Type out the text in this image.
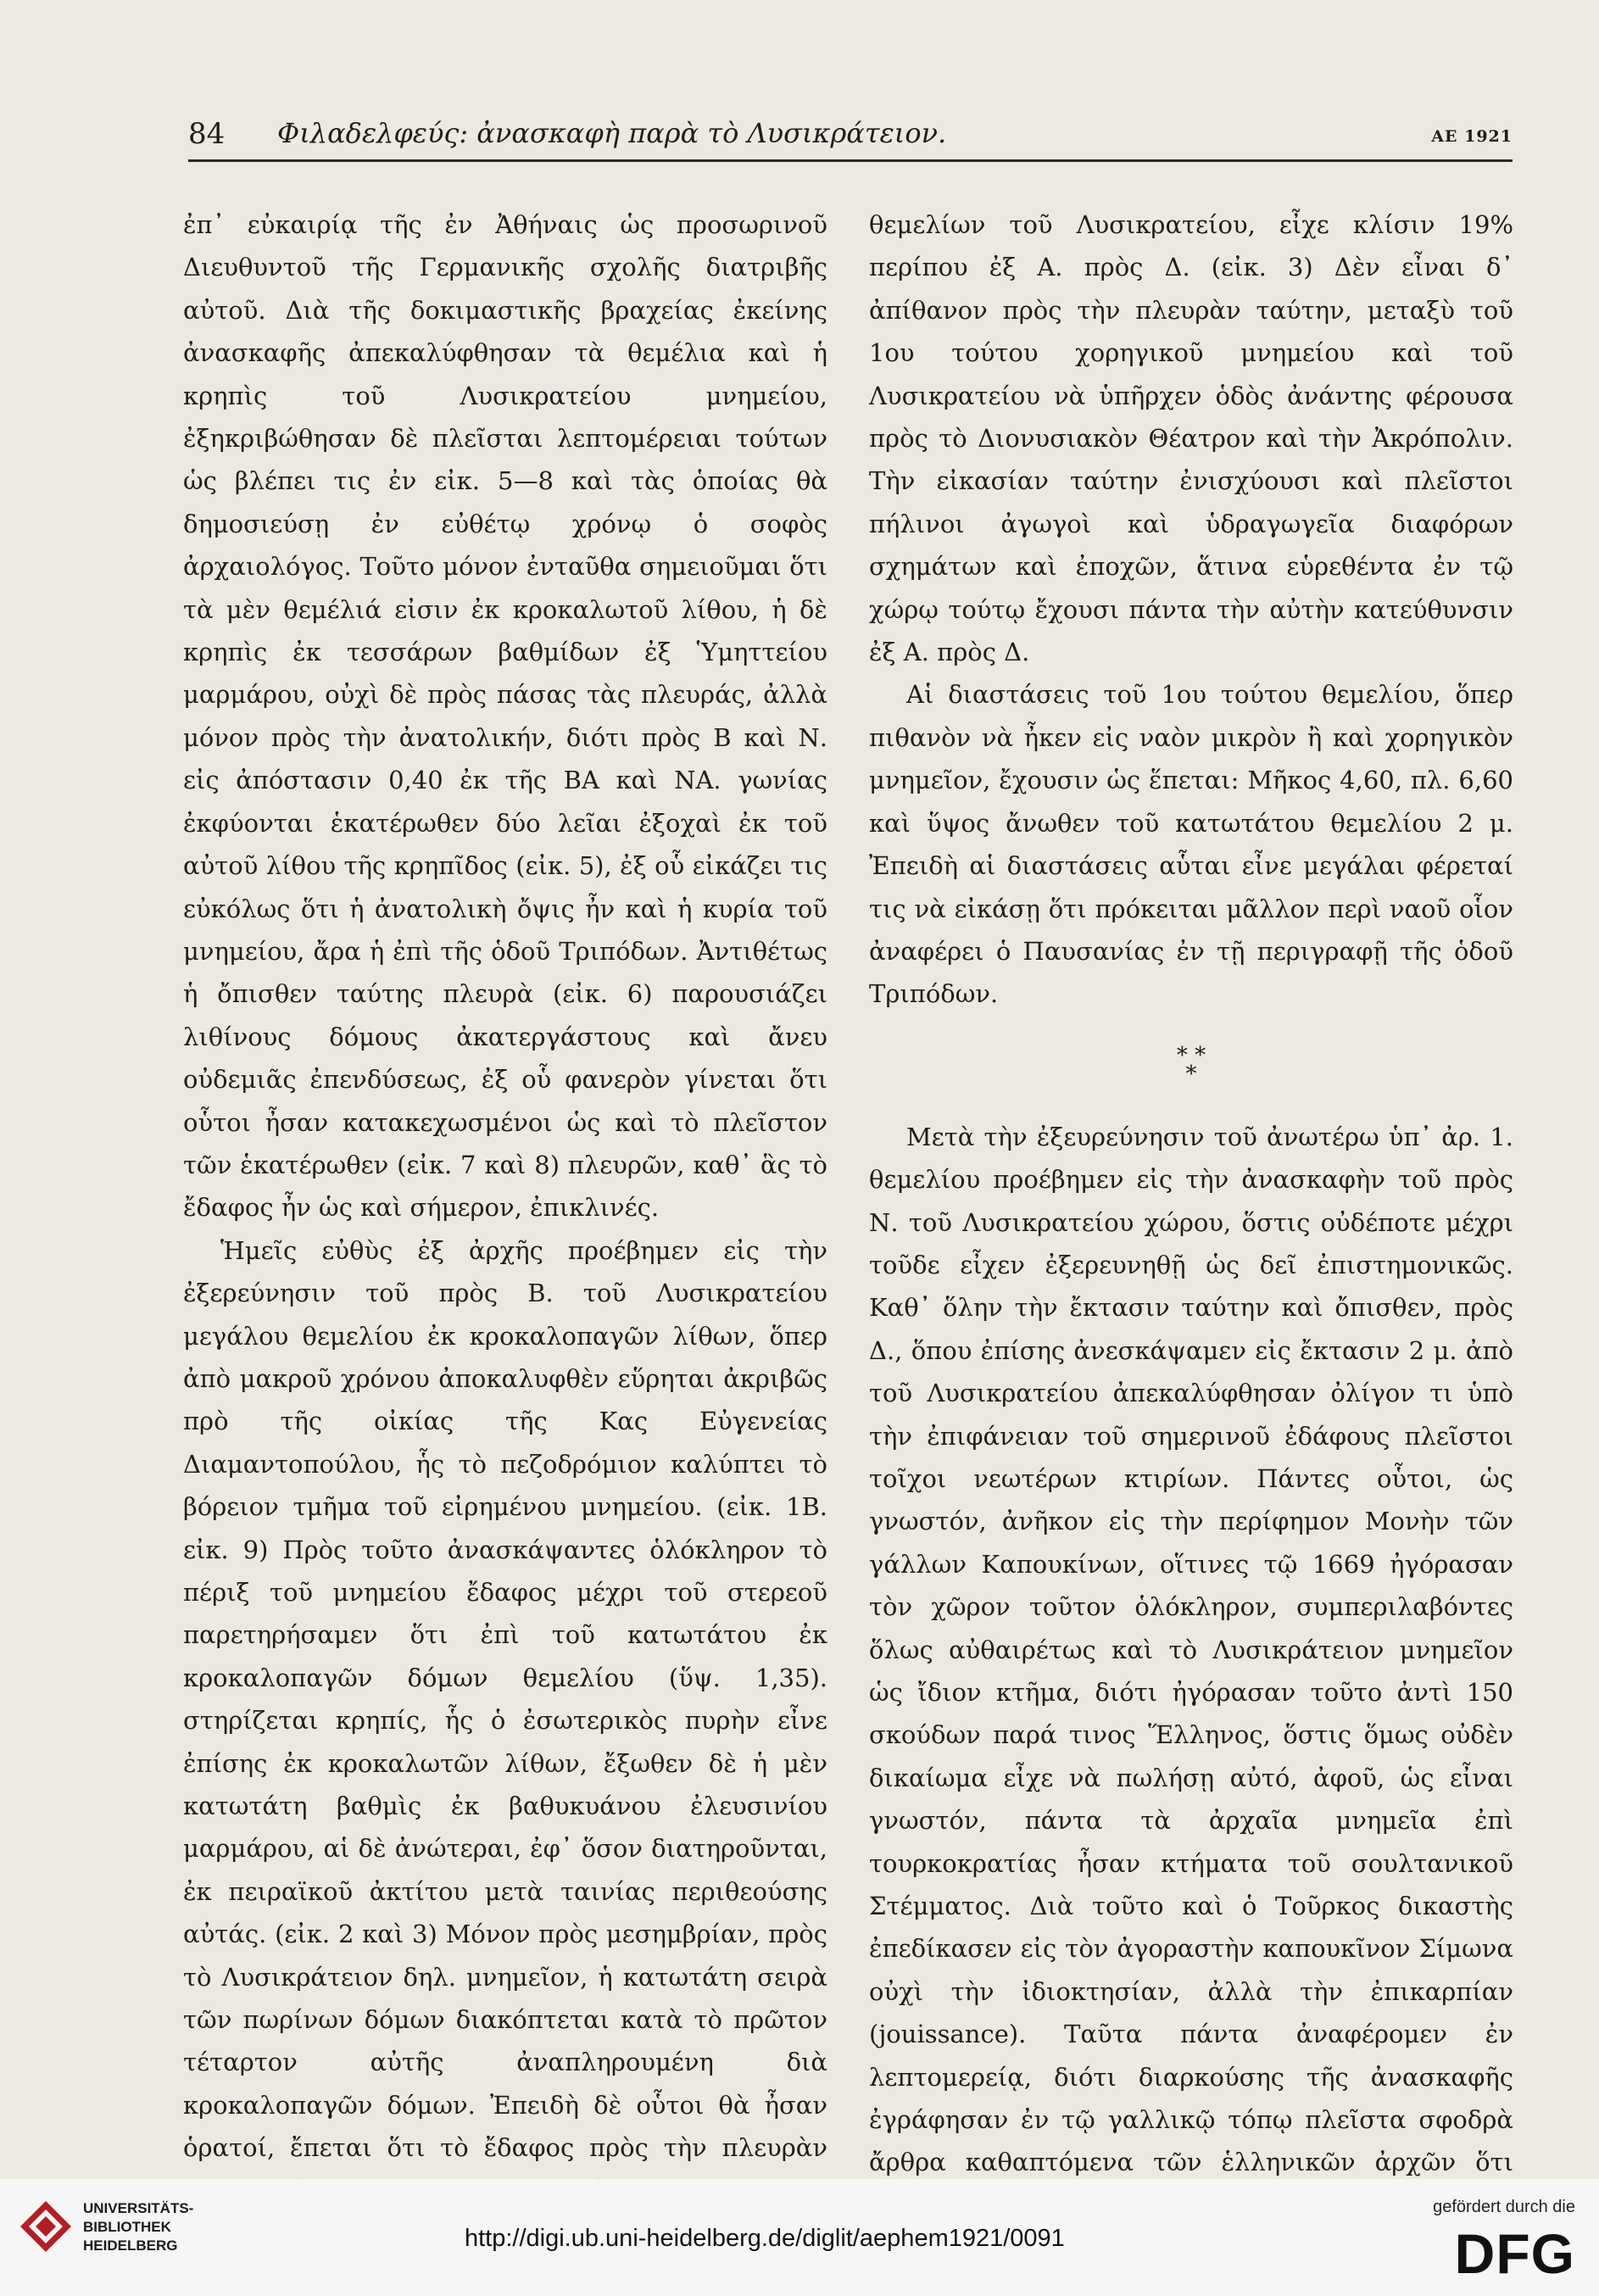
84 Φιλαδελφεύς: ἀνασκαφὴ παρὰ τὸ Λυσικράτειον.	ΑΕ 1921

ἐπ᾽ εὐκαιρίᾳ τῆς ἐν Ἀθήναις ὡς προσωρινοῦ Διευθυντοῦ τῆς Γερμανικῆς σχολῆς διατριβῆς αὐτοῦ. Διὰ τῆς δοκιμαστικῆς βραχείας ἐκείνης ἀνασκαφῆς ἀπεκαλύφθησαν τὰ θεμέλια καὶ ἡ κρηπὶς τοῦ Λυσικρατείου μνημείου, ἐξηκριβώθησαν δὲ πλεῖσται λεπτομέρειαι τούτων ὡς βλέπει τις ἐν εἰκ. 5—8 καὶ τὰς ὁποίας θὰ δημοσιεύσῃ ἐν εὐθέτῳ χρόνῳ ὁ σοφὸς ἀρχαιολόγος. Τοῦτο μόνον ἐνταῦθα σημειοῦμαι ὅτι τὰ μὲν θεμέλιά εἰσιν ἐκ κροκαλωτοῦ λίθου, ἡ δὲ κρηπὶς ἐκ τεσσάρων βαθμίδων ἐξ Ὑμηττείου μαρμάρου, οὐχὶ δὲ πρὸς πάσας τὰς πλευράς, ἀλλὰ μόνον πρὸς τὴν ἀνατολικήν, διότι πρὸς Β καὶ Ν. εἰς ἀπόστασιν 0,40 ἐκ τῆς ΒΑ καὶ ΝΑ. γωνίας ἐκφύονται ἑκατέρωθεν δύο λεῖαι ἐξοχαὶ ἐκ τοῦ αὐτοῦ λίθου τῆς κρηπῖδος (εἰκ. 5), ἐξ οὗ εἰκάζει τις εὐκόλως ὅτι ἡ ἀνατολικὴ ὄψις ἦν καὶ ἡ κυρία τοῦ μνημείου, ἄρα ἡ ἐπὶ τῆς ὁδοῦ Τριπόδων. Ἀντιθέτως ἡ ὄπισθεν ταύτης πλευρὰ (εἰκ. 6) παρουσιάζει λιθίνους δόμους ἀκατεργάστους καὶ ἄνευ οὐδεμιᾶς ἐπενδύσεως, ἐξ οὗ φανερὸν γίνεται ὅτι οὗτοι ἦσαν κατακεχωσμένοι ὡς καὶ τὸ πλεῖστον τῶν ἑκατέρωθεν (εἰκ. 7 καὶ 8) πλευρῶν, καθ᾽ ἃς τὸ ἔδαφος ἦν ὡς καὶ σήμερον, ἐπικλινές.

Ἡμεῖς εὐθὺς ἐξ ἀρχῆς προέβημεν εἰς τὴν ἐξερεύνησιν τοῦ πρὸς Β. τοῦ Λυσικρατείου μεγάλου θεμελίου ἐκ κροκαλοπαγῶν λίθων, ὅπερ ἀπὸ μακροῦ χρόνου ἀποκαλυφθὲν εὕρηται ἀκριβῶς πρὸ τῆς οἰκίας τῆς Κας Εὐγενείας Διαμαντοπούλου, ἧς τὸ πεζοδρόμιον καλύπτει τὸ βόρειον τμῆμα τοῦ εἰρημένου μνημείου. (εἰκ. 1Β. εἰκ. 9) Πρὸς τοῦτο ἀνασκάψαντες ὁλόκληρον τὸ πέριξ τοῦ μνημείου ἔδαφος μέχρι τοῦ στερεοῦ παρετηρήσαμεν ὅτι ἐπὶ τοῦ κατωτάτου ἐκ κροκαλοπαγῶν δόμων θεμελίου (ὕψ. 1,35). στηρίζεται κρηπίς, ἧς ὁ ἐσωτερικὸς πυρὴν εἶνε ἐπίσης ἐκ κροκαλωτῶν λίθων, ἔξωθεν δὲ ἡ μὲν κατωτάτη βαθμὶς ἐκ βαθυκυάνου ἐλευσινίου μαρμάρου, αἱ δὲ ἀνώτεραι, ἐφ᾽ ὅσον διατηροῦνται, ἐκ πειραϊκοῦ ἀκτίτου μετὰ ταινίας περιθεούσης αὐτάς. (εἰκ. 2 καὶ 3) Μόνον πρὸς μεσημβρίαν, πρὸς τὸ Λυσικράτειον δηλ. μνημεῖον, ἡ κατωτάτη σειρὰ τῶν πωρίνων δόμων διακόπτεται κατὰ τὸ πρῶτον τέταρτον αὐτῆς ἀναπληρουμένη διὰ κροκαλοπαγῶν δόμων. Ἐπειδὴ δὲ οὗτοι θὰ ἦσαν ὁρατοί, ἔπεται ὅτι τὸ ἔδαφος πρὸς τὴν πλευρὰν

θεμελίων τοῦ Λυσικρατείου, εἶχε κλίσιν 19% περίπου ἐξ Α. πρὸς Δ. (εἰκ. 3) Δὲν εἶναι δ᾽ ἀπίθανον πρὸς τὴν πλευρὰν ταύτην, μεταξὺ τοῦ 1ου τούτου χορηγικοῦ μνημείου καὶ τοῦ Λυσικρατείου νὰ ὑπῆρχεν ὁδὸς ἀνάντης φέρουσα πρὸς τὸ Διονυσιακὸν Θέατρον καὶ τὴν Ἀκρόπολιν. Τὴν εἰκασίαν ταύτην ἐνισχύουσι καὶ πλεῖστοι πήλινοι ἀγωγοὶ καὶ ὑδραγωγεῖα διαφόρων σχημάτων καὶ ἐποχῶν, ἅτινα εὑρεθέντα ἐν τῷ χώρῳ τούτῳ ἔχουσι πάντα τὴν αὐτὴν κατεύθυνσιν ἐξ Α. πρὸς Δ.

Αἱ διαστάσεις τοῦ 1ου τούτου θεμελίου, ὅπερ πιθανὸν νὰ ἦκεν εἰς ναὸν μικρὸν ἢ καὶ χορηγικὸν μνημεῖον, ἔχουσιν ὡς ἕπεται: Μῆκος 4,60, πλ. 6,60 καὶ ὕψος ἄνωθεν τοῦ κατωτάτου θεμελίου 2 μ. Ἐπειδὴ αἱ διαστάσεις αὗται εἶνε μεγάλαι φέρεταί τις νὰ εἰκάσῃ ὅτι πρόκειται μᾶλλον περὶ ναοῦ οἷον ἀναφέρει ὁ Παυσανίας ἐν τῇ περιγραφῇ τῆς ὁδοῦ Τριπόδων.

* *
*

Μετὰ τὴν ἐξευρεύνησιν τοῦ ἀνωτέρω ὑπ᾽ ἀρ. 1. θεμελίου προέβημεν εἰς τὴν ἀνασκαφὴν τοῦ πρὸς Ν. τοῦ Λυσικρατείου χώρου, ὅστις οὐδέποτε μέχρι τοῦδε εἶχεν ἐξερευνηθῇ ὡς δεῖ ἐπιστημονικῶς. Καθ᾽ ὅλην τὴν ἔκτασιν ταύτην καὶ ὄπισθεν, πρὸς Δ., ὅπου ἐπίσης ἀνεσκάψαμεν εἰς ἔκτασιν 2 μ. ἀπὸ τοῦ Λυσικρατείου ἀπεκαλύφθησαν ὀλίγον τι ὑπὸ τὴν ἐπιφάνειαν τοῦ σημερινοῦ ἐδάφους πλεῖστοι τοῖχοι νεωτέρων κτιρίων. Πάντες οὗτοι, ὡς γνωστόν, ἀνῆκον εἰς τὴν περίφημον Μονὴν τῶν γάλλων Καπουκίνων, οἵτινες τῷ 1669 ἠγόρασαν τὸν χῶρον τοῦτον ὁλόκληρον, συμπεριλαβόντες ὅλως αὐθαιρέτως καὶ τὸ Λυσικράτειον μνημεῖον ὡς ἴδιον κτῆμα, διότι ἠγόρασαν τοῦτο ἀντὶ 150 σκούδων παρά τινος Ἕλληνος, ὅστις ὅμως οὐδὲν δικαίωμα εἶχε νὰ πωλήσῃ αὐτό, ἀφοῦ, ὡς εἶναι γνωστόν, πάντα τὰ ἀρχαῖα μνημεῖα ἐπὶ τουρκοκρατίας ἦσαν κτήματα τοῦ σουλτανικοῦ Στέμματος. Διὰ τοῦτο καὶ ὁ Τοῦρκος δικαστὴς ἐπεδίκασεν εἰς τὸν ἀγοραστὴν καπουκῖνον Σίμωνα οὐχὶ τὴν ἰδιοκτησίαν, ἀλλὰ τὴν ἐπικαρπίαν (jouissance). Ταῦτα πάντα ἀναφέρομεν ἐν λεπτομερείᾳ, διότι διαρκούσης τῆς ἀνασκαφῆς ἐγράφησαν ἐν τῷ γαλλικῷ τόπῳ πλεῖστα σφοδρὰ ἄρθρα καθαπτόμενα τῶν ἑλληνικῶν ἀρχῶν ὅτι

UNIVERSITÄTS-
BIBLIOTHEK
HEIDELBERG	http://digi.ub.uni-heidelberg.de/diglit/aephem1921/0091
gefördert durch die
DFG
